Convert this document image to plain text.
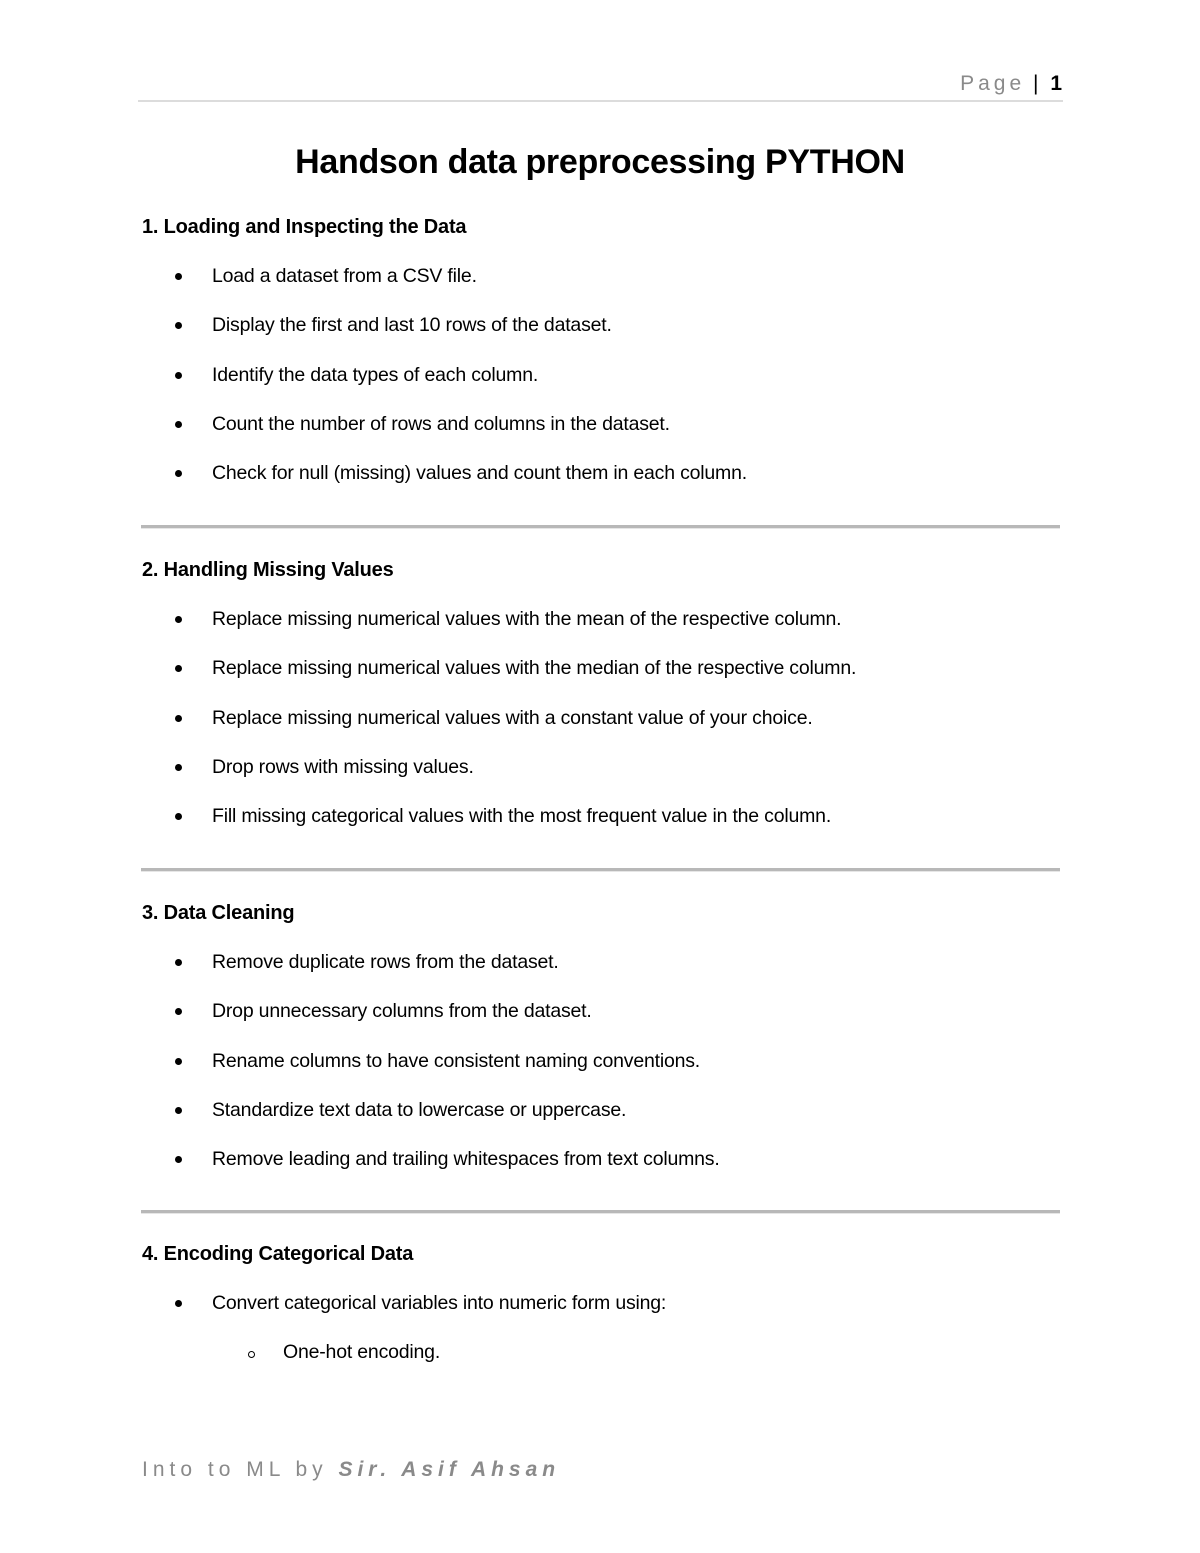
Page | 1
Handson data preprocessing PYTHON

1. Loading and Inspecting the Data

Load a dataset from a CSV file.
Display the first and last 10 rows of the dataset.
Identify the data types of each column.
Count the number of rows and columns in the dataset.
Check for null (missing) values and count them in each column.

2. Handling Missing Values

Replace missing numerical values with the mean of the respective column.
Replace missing numerical values with the median of the respective column.
Replace missing numerical values with a constant value of your choice.
Drop rows with missing values.
Fill missing categorical values with the most frequent value in the column.

3. Data Cleaning

Remove duplicate rows from the dataset.
Drop unnecessary columns from the dataset.
Rename columns to have consistent naming conventions.
Standardize text data to lowercase or uppercase.
Remove leading and trailing whitespaces from text columns.

4. Encoding Categorical Data

Convert categorical variables into numeric form using:
One-hot encoding.
Into to ML by Sir. Asif Ahsan
